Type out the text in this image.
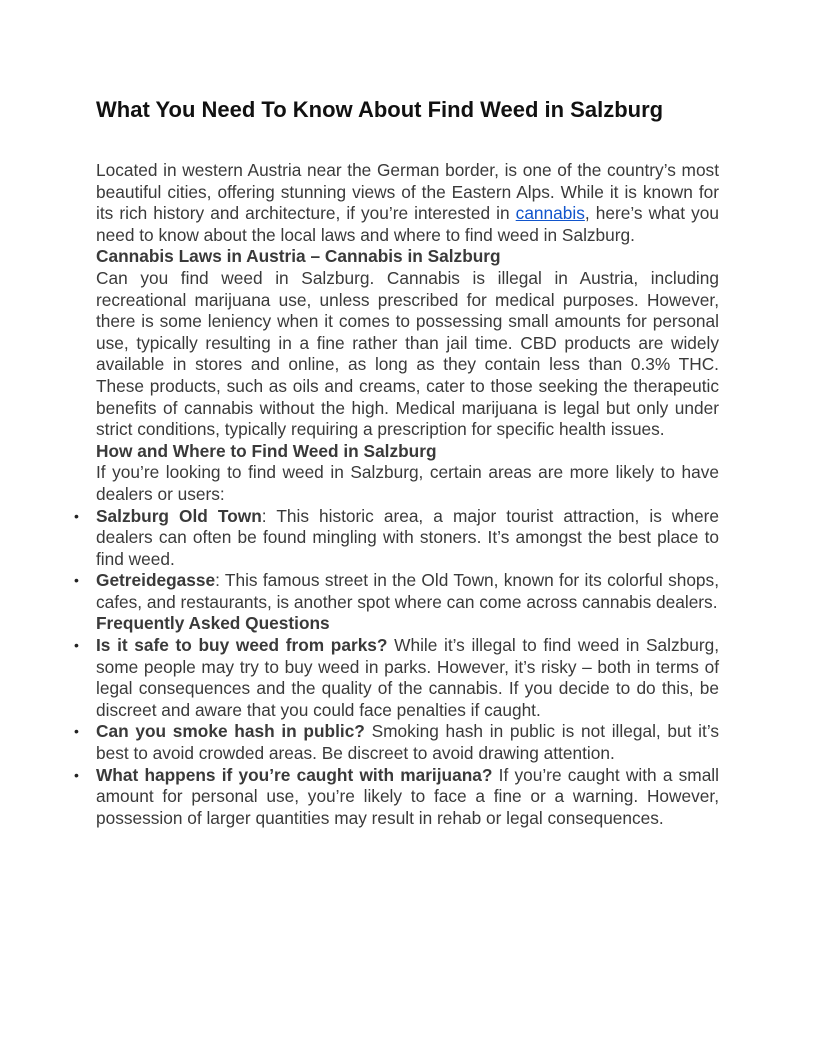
What You Need To Know About Find Weed in Salzburg

Located in western Austria near the German border, is one of the country’s most beautiful cities, offering stunning views of the Eastern Alps. While it is known for its rich history and architecture, if you’re interested in cannabis, here’s what you need to know about the local laws and where to find weed in Salzburg.

Cannabis Laws in Austria – Cannabis in Salzburg

Can you find weed in Salzburg. Cannabis is illegal in Austria, including recreational marijuana use, unless prescribed for medical purposes. However, there is some leniency when it comes to possessing small amounts for personal use, typically resulting in a fine rather than jail time. CBD products are widely available in stores and online, as long as they contain less than 0.3% THC. These products, such as oils and creams, cater to those seeking the therapeutic benefits of cannabis without the high. Medical marijuana is legal but only under strict conditions, typically requiring a prescription for specific health issues.

How and Where to Find Weed in Salzburg

If you’re looking to find weed in Salzburg, certain areas are more likely to have dealers or users:

• Salzburg Old Town: This historic area, a major tourist attraction, is where dealers can often be found mingling with stoners. It’s amongst the best place to find weed.
• Getreidegasse: This famous street in the Old Town, known for its colorful shops, cafes, and restaurants, is another spot where can come across cannabis dealers.
Frequently Asked Questions
• Is it safe to buy weed from parks? While it’s illegal to find weed in Salzburg, some people may try to buy weed in parks. However, it’s risky – both in terms of legal consequences and the quality of the cannabis. If you decide to do this, be discreet and aware that you could face penalties if caught.
• Can you smoke hash in public? Smoking hash in public is not illegal, but it’s best to avoid crowded areas. Be discreet to avoid drawing attention.
• What happens if you’re caught with marijuana? If you’re caught with a small amount for personal use, you’re likely to face a fine or a warning. However, possession of larger quantities may result in rehab or legal consequences.
